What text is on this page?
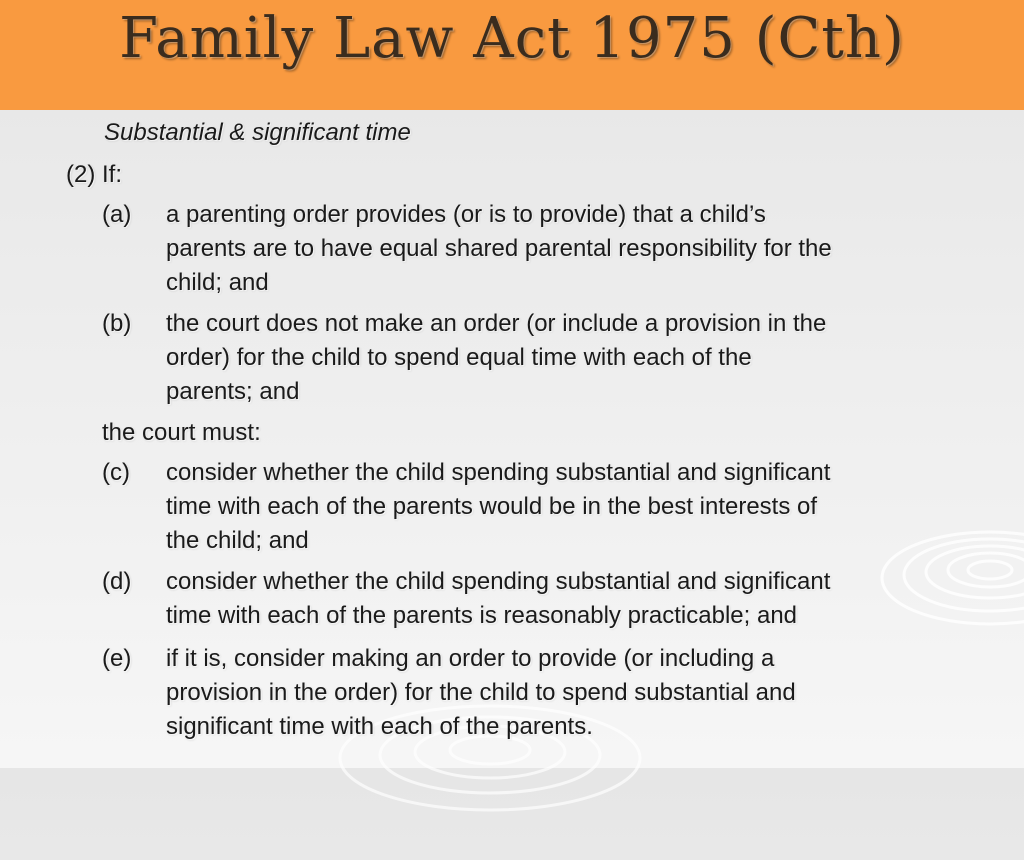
Family Law Act 1975 (Cth)
Substantial & significant time
(2) If:
(a) a parenting order provides (or is to provide) that a child’s
parents are to have equal shared parental responsibility for the
child; and
(b) the court does not make an order (or include a provision in the
order) for the child to spend equal time with each of the
parents; and
the court must:
(c) consider whether the child spending substantial and significant
time with each of the parents would be in the best interests of
the child; and
(d) consider whether the child spending substantial and significant
time with each of the parents is reasonably practicable; and
(e) if it is, consider making an order to provide (or including a
provision in the order) for the child to spend substantial and
significant time with each of the parents.
